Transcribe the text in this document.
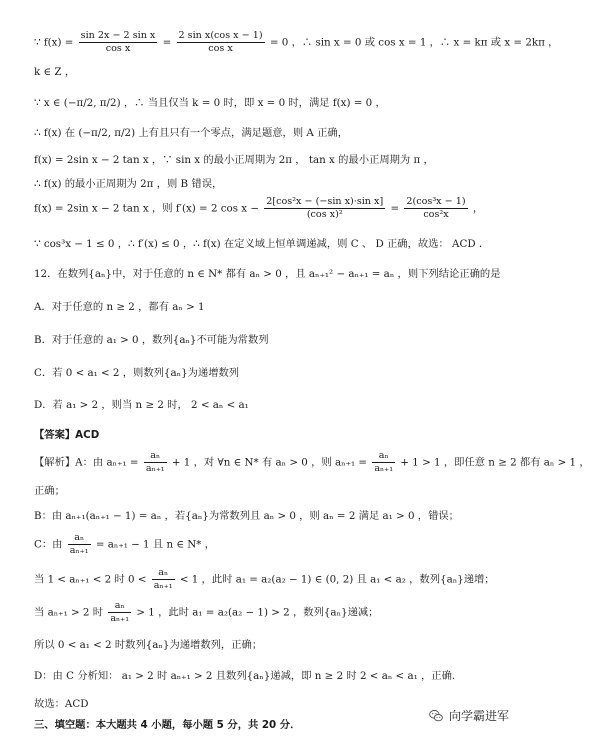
∵ $f(x) = \frac{\text{sin 2x − 2 sin x}}{\text{cos x}} = \frac{\text{2 sin x(cos x − 1)}}{\text{cos x}} = 0$ ，∴ sin x = 0 或 cos x = 1 ，∴ x = kπ 或 x = 2kπ ，
k ∈ Z ，
∵ x ∈ (−π/2, π/2) ，∴ 当且仅当 k = 0 时，即 x = 0 时，满足 f(x) = 0 ，
∴ f(x) 在 (−π/2, π/2) 上有且只有一个零点，满足题意，则 A 正确，
f(x) = 2sin x − 2 tan x ，∵ sin x 的最小正周期为 2π ， tan x 的最小正周期为 π ，
∴ f(x) 的最小正周期为 2π ，则 B 错误，
f(x) = 2sin x − 2 tan x ，则 f′(x) = 2 $\cos x - \frac{\text{2[cos²x − (−sin x)·sin x]}}{\text{(cos x)²}} = \frac{\text{2(cos³x − 1)}}{\text{cos²x}}$ ，
∵ cos³x − 1 ≤ 0 ，∴ f′(x) ≤ 0 ，∴ f(x) 在定义域上恒单调递减，则 C 、 D 正确，故选： ACD ．
12．在数列{aₙ}中，对于任意的 n ∈ N* 都有 aₙ > 0 ，且 aₙ₊₁² − aₙ₊₁ = aₙ ，则下列结论正确的是
A．对于任意的 n ≥ 2 ，都有 aₙ > 1
B．对于任意的 a₁ > 0 ，数列{aₙ}不可能为常数列
C．若 0 < a₁ < 2 ，则数列{aₙ}为递增数列
D．若 a₁ > 2 ，则当 n ≥ 2 时， 2 < aₙ < a₁
【答案】ACD
【解析】A：由 $a_{n+1} = \frac{\text{aₙ}}{\text{aₙ₊₁}} + 1$ ，对 ∀n ∈ N* 有 aₙ > 0 ，则 $a_{n+1} = \frac{\text{aₙ}}{\text{aₙ₊₁}} + 1 > 1$ ，即任意 n ≥ 2 都有 aₙ > 1 ，
正确；
B：由 aₙ₊₁(aₙ₊₁ − 1) = aₙ ，若{aₙ}为常数列且 aₙ > 0 ，则 aₙ = 2 满足 a₁ > 0 ，错误；
C：由 $\frac{\text{aₙ}}{\text{aₙ₊₁}} = a_{n+1} - 1$ 且 n ∈ N* ，
当 1 < aₙ₊₁ < 2 时 $0 < \frac{\text{aₙ}}{\text{aₙ₊₁}} < 1$ ，此时 a₁ = a₂(a₂ − 1) ∈ (0, 2) 且 a₁ < a₂ ，数列{aₙ}递增；
当 aₙ₊₁ > 2 时 $\frac{\text{aₙ}}{\text{aₙ₊₁}} > 1$ ，此时 a₁ = a₂(a₂ − 1) > 2 ，数列{aₙ}递减；
所以 0 < a₁ < 2 时数列{aₙ}为递增数列，正确；
D：由 C 分析知： a₁ > 2 时 aₙ₊₁ > 2 且数列{aₙ}递减，即 n ≥ 2 时 2 < aₙ < a₁ ，正确.
故选：ACD
三、填空题：本大题共 4 小题，每小题 5 分，共 20 分．
向学霸进军
